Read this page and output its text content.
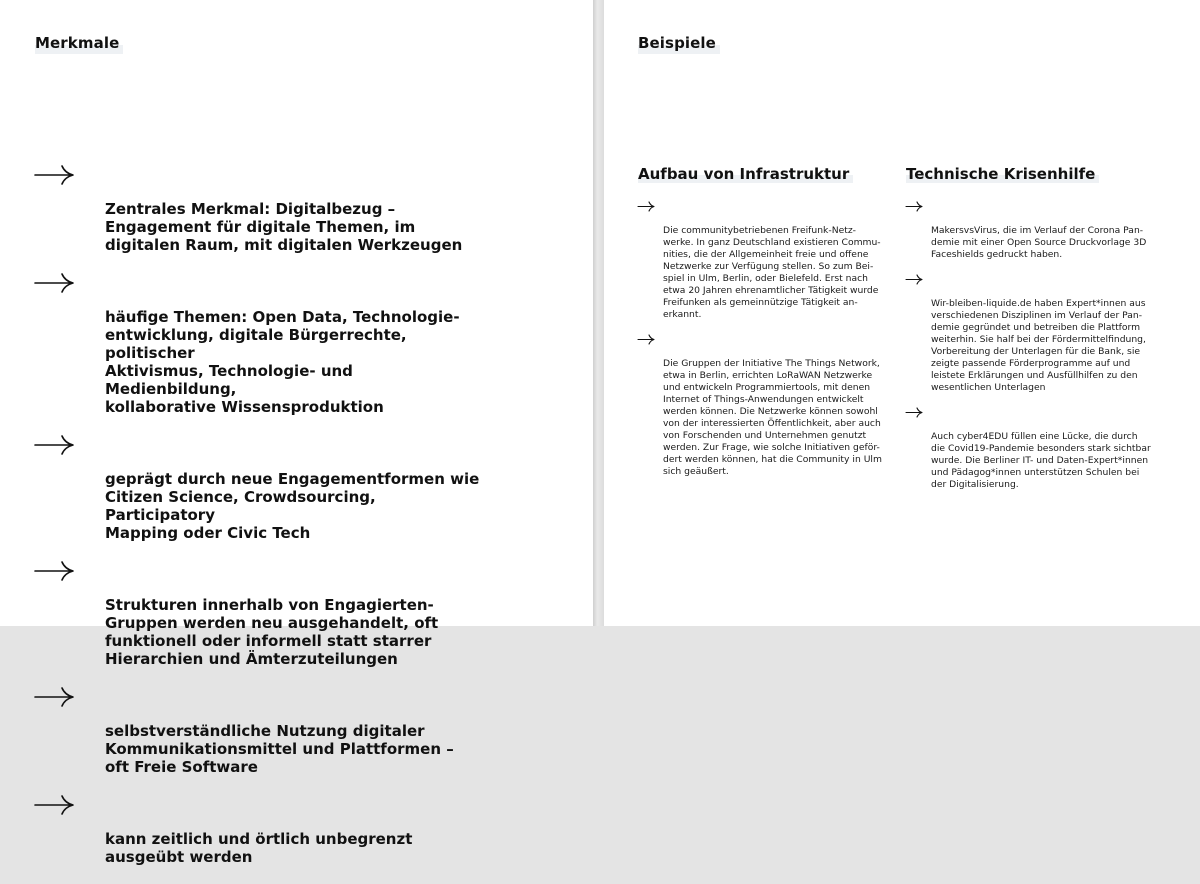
Merkmale

Zentrales Merkmal: Digitalbezug –
Engagement für digitale Themen, im
digitalen Raum, mit digitalen Werkzeugen

häufige Themen: Open Data, Technologie-
entwicklung, digitale Bürgerrechte, politischer
Aktivismus, Technologie- und Medienbildung,
kollaborative Wissensproduktion

geprägt durch neue Engagementformen wie
Citizen Science, Crowdsourcing, Participatory
Mapping oder Civic Tech

Strukturen innerhalb von Engagierten-
Gruppen werden neu ausgehandelt, oft
funktionell oder informell statt starrer
Hierarchien und Ämterzuteilungen

selbstverständliche Nutzung digitaler
Kommunikationsmittel und Plattformen –
oft Freie Software

kann zeitlich und örtlich unbegrenzt
ausgeübt werden

Beispiele
Aufbau von Infrastruktur

Die communitybetriebenen Freifunk-Netz-
werke. In ganz Deutschland existieren Commu-
nities, die der Allgemeinheit freie und offene
Netzwerke zur Verfügung stellen. So zum Bei-
spiel in Ulm, Berlin, oder Bielefeld. Erst nach
etwa 20 Jahren ehrenamtlicher Tätigkeit wurde
Freifunken als gemeinnützige Tätigkeit an-
erkannt.

Die Gruppen der Initiative The Things Network,
etwa in Berlin, errichten LoRaWAN Netzwerke
und entwickeln Programmiertools, mit denen
Internet of Things-Anwendungen entwickelt
werden können. Die Netzwerke können sowohl
von der interessierten Öffentlichkeit, aber auch
von Forschenden und Unternehmen genutzt
werden. Zur Frage, wie solche Initiativen geför-
dert werden können, hat die Community in Ulm
sich geäußert.

Technische Krisenhilfe

MakersvsVirus, die im Verlauf der Corona Pan-
demie mit einer Open Source Druckvorlage 3D
Faceshields gedruckt haben.

Wir-bleiben-liquide.de haben Expert*innen aus
verschiedenen Disziplinen im Verlauf der Pan-
demie gegründet und betreiben die Plattform
weiterhin. Sie half bei der Fördermittelfindung,
Vorbereitung der Unterlagen für die Bank, sie
zeigte passende Förderprogramme auf und
leistete Erklärungen und Ausfüllhilfen zu den
wesentlichen Unterlagen

Auch cyber4EDU füllen eine Lücke, die durch
die Covid19-Pandemie besonders stark sichtbar
wurde. Die Berliner IT- und Daten-Expert*innen
und Pädagog*innen unterstützen Schulen bei
der Digitalisierung.
